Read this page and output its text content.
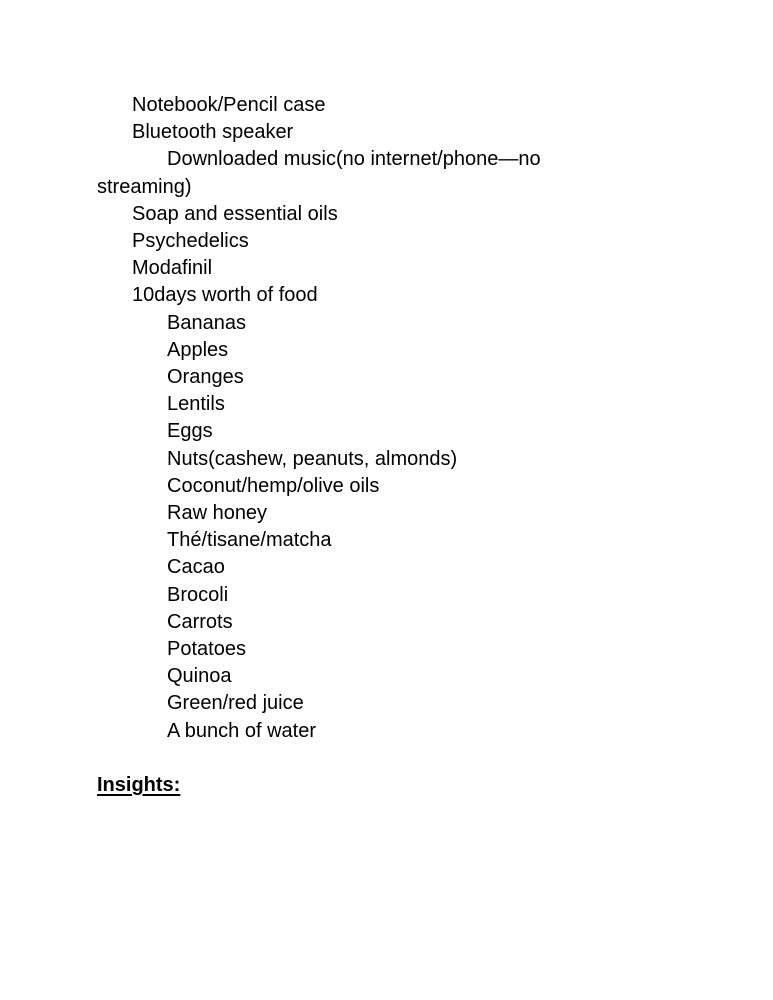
Notebook/Pencil case
Bluetooth speaker
Downloaded music(no internet/phone—no
streaming)
Soap and essential oils
Psychedelics
Modafinil
10days worth of food
Bananas
Apples
Oranges
Lentils
Eggs
Nuts(cashew, peanuts, almonds)
Coconut/hemp/olive oils
Raw honey
Thé/tisane/matcha
Cacao
Brocoli
Carrots
Potatoes
Quinoa
Green/red juice
A bunch of water
Insights:
